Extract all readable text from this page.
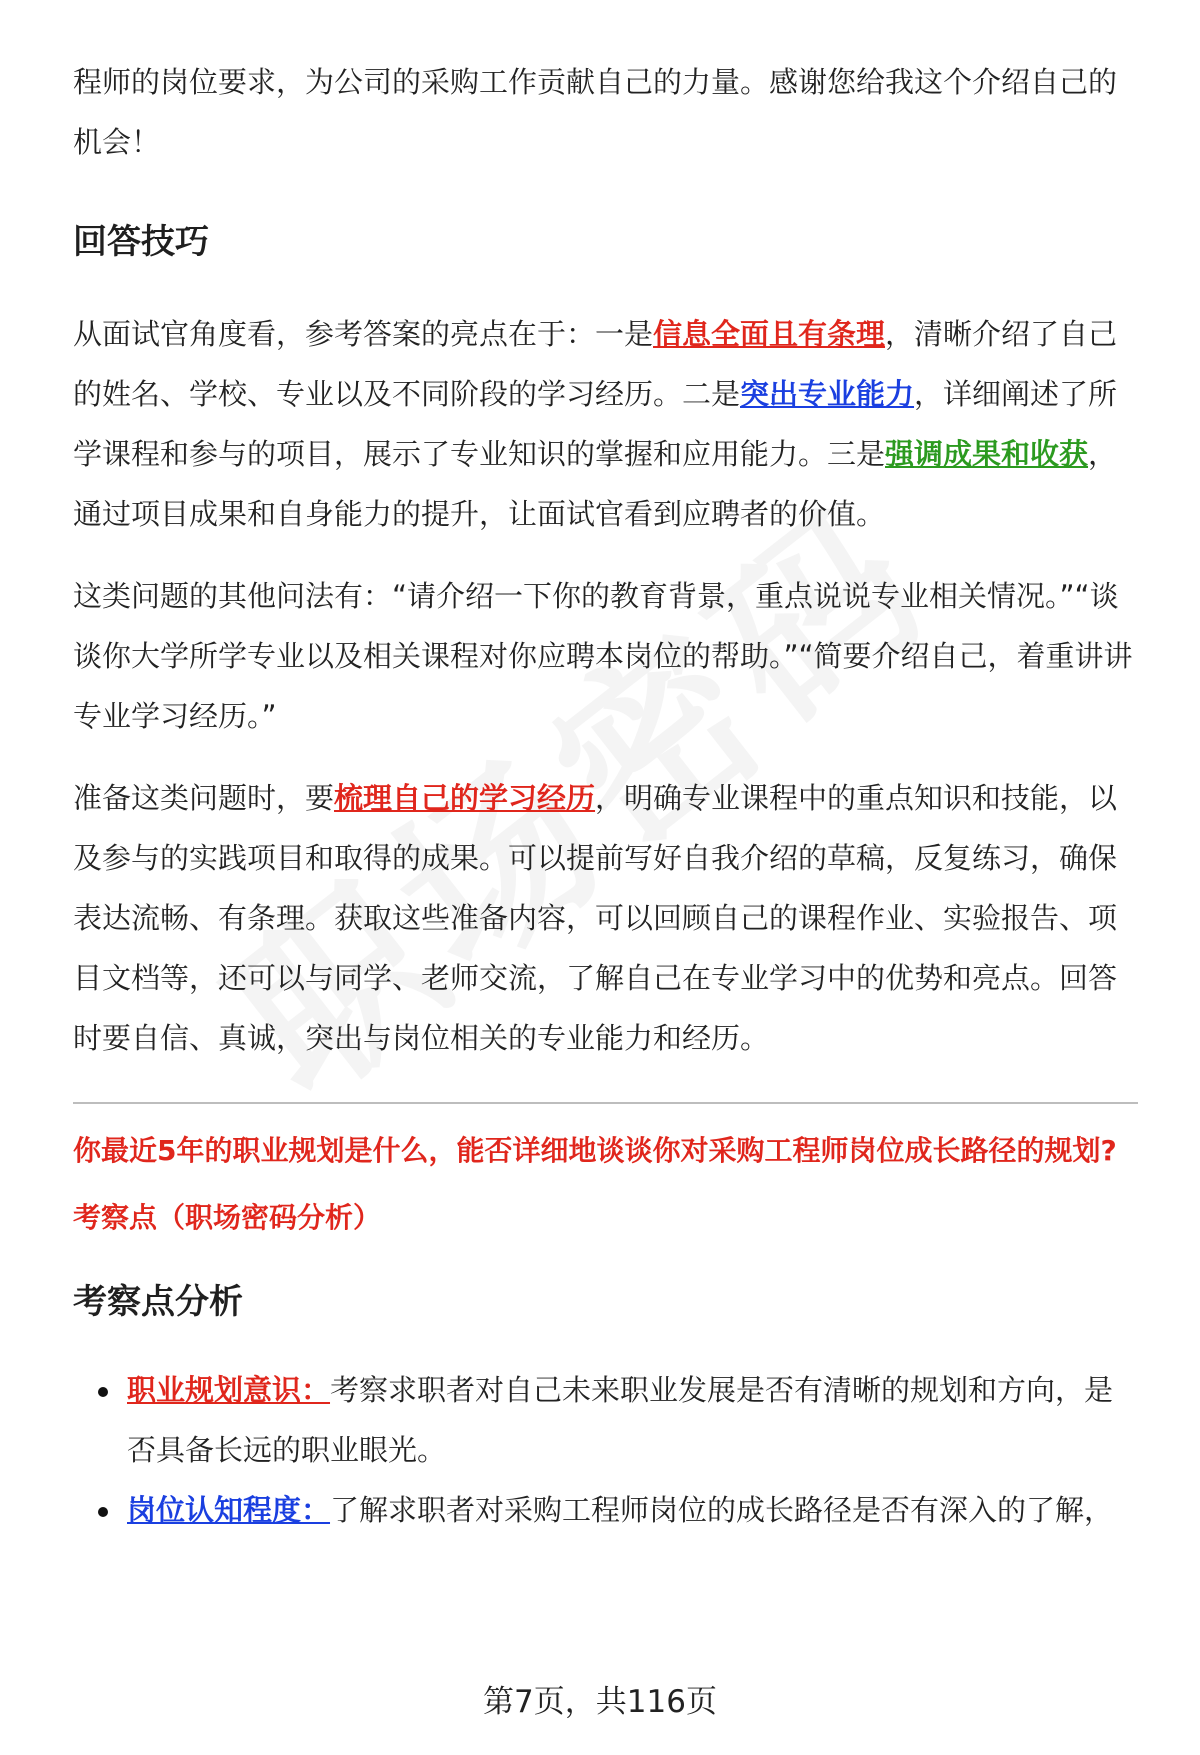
程师的岗位要求，为公司的采购工作贡献自己的力量。感谢您给我这个介绍自己的机会！

回答技巧

从面试官角度看，参考答案的亮点在于：一是信息全面且有条理，清晰介绍了自己的姓名、学校、专业以及不同阶段的学习经历。二是突出专业能力，详细阐述了所学课程和参与的项目，展示了专业知识的掌握和应用能力。三是强调成果和收获，通过项目成果和自身能力的提升，让面试官看到应聘者的价值。

这类问题的其他问法有：“请介绍一下你的教育背景，重点说说专业相关情况。”“谈谈你大学所学专业以及相关课程对你应聘本岗位的帮助。”“简要介绍自己，着重讲讲专业学习经历。”

准备这类问题时，要梳理自己的学习经历，明确专业课程中的重点知识和技能，以及参与的实践项目和取得的成果。可以提前写好自我介绍的草稿，反复练习，确保表达流畅、有条理。获取这些准备内容，可以回顾自己的课程作业、实验报告、项目文档等，还可以与同学、老师交流，了解自己在专业学习中的优势和亮点。回答时要自信、真诚，突出与岗位相关的专业能力和经历。

你最近5年的职业规划是什么，能否详细地谈谈你对采购工程师岗位成长路径的规划?

考察点（职场密码分析）

考察点分析
职业规划意识：考察求职者对自己未来职业发展是否有清晰的规划和方向，是否具备长远的职业眼光。
岗位认知程度：了解求职者对采购工程师岗位的成长路径是否有深入的了解，
第7页，共116页
